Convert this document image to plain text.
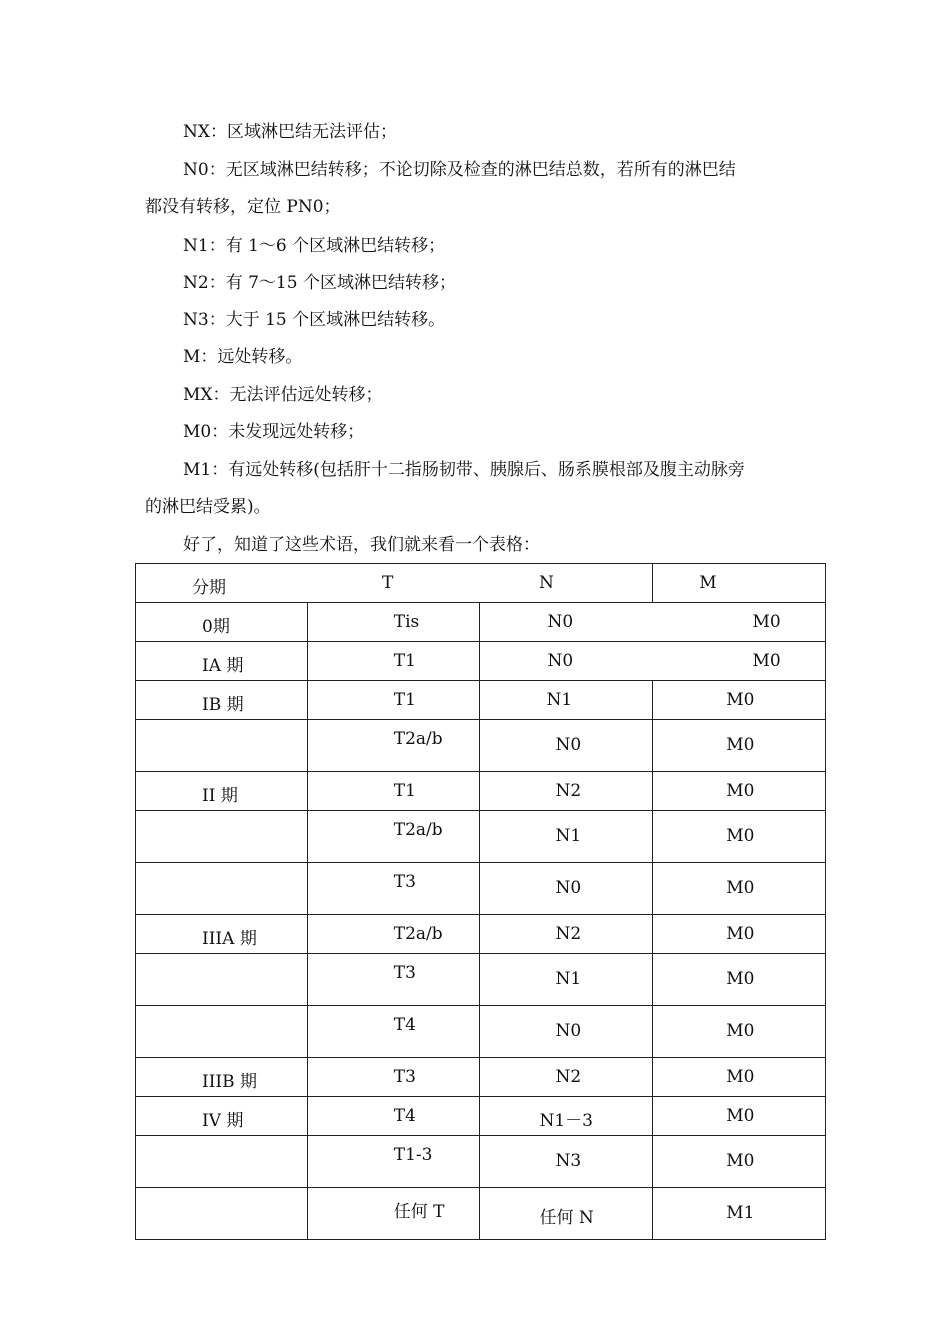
NX：区域淋巴结无法评估；
N0：无区域淋巴结转移；不论切除及检查的淋巴结总数，若所有的淋巴结
都没有转移，定位 PN0；
N1：有 1～6 个区域淋巴结转移；
N2：有 7～15 个区域淋巴结转移；
N3：大于 15 个区域淋巴结转移。
M：远处转移。
MX：无法评估远处转移；
M0：未发现远处转移；
M1：有远处转移(包括肝十二指肠韧带、胰腺后、肠系膜根部及腹主动脉旁
的淋巴结受累)。
好了，知道了这些术语，我们就来看一个表格：
分期 T N			M

0期	Tis	N0 M0	

IA 期	T1	N0 M0	

IB 期	T1	N1	M0

	T2a/b	N0	M0

II 期	T1	N2	M0

	T2a/b	N1	M0

	T3	N0	M0

IIIA 期	T2a/b	N2	M0

	T3	N1	M0

	T4	N0	M0

IIIB 期	T3	N2	M0

IV 期	T4	N1－3	M0

	T1-3	N3	M0

	任何 T	任何 N	M1
